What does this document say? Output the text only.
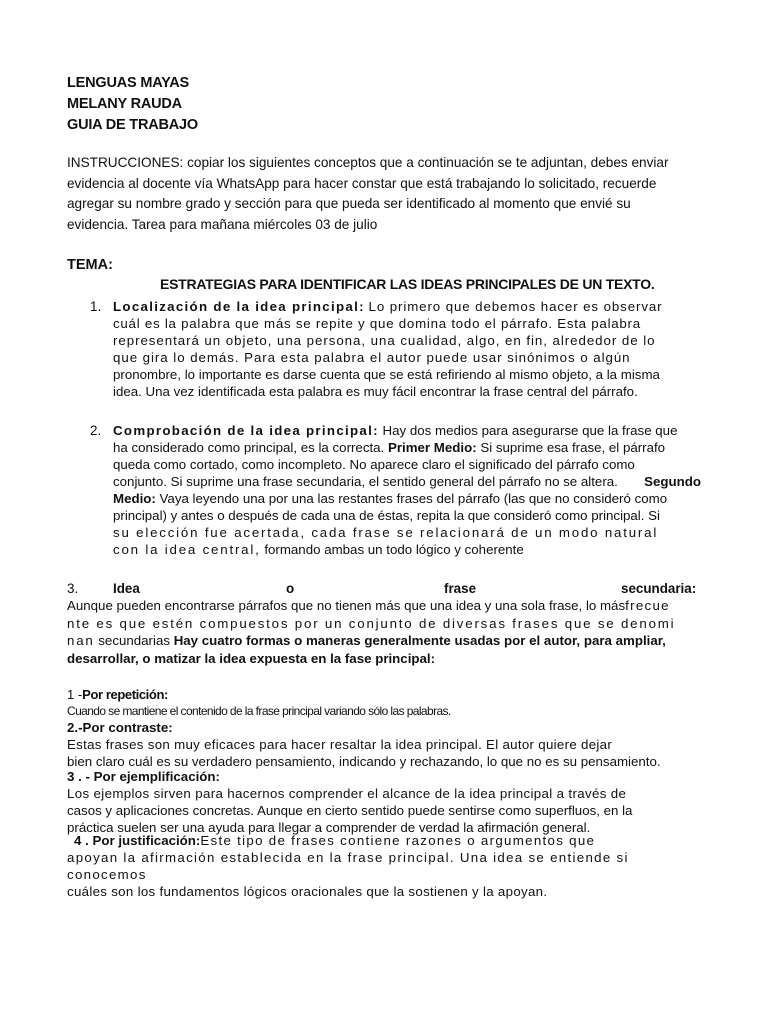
LENGUAS MAYAS
MELANY RAUDA
GUIA DE TRABAJO
INSTRUCCIONES: copiar los siguientes conceptos que a continuación se te adjuntan, debes enviar
evidencia al docente vía WhatsApp para hacer constar que está trabajando lo solicitado, recuerde
agregar su nombre grado y sección para que pueda ser identificado al momento que envié su
evidencia. Tarea para mañana miércoles 03 de julio
TEMA:
ESTRATEGIAS PARA IDENTIFICAR LAS IDEAS PRINCIPALES DE UN TEXTO.
1. Localización de la idea principal: Lo primero que debemos hacer es observar
cuál es la palabra que más se repite y que domina todo el párrafo. Esta palabra
representará un objeto, una persona, una cualidad, algo, en fin, alrededor de lo
que gira lo demás. Para esta palabra el autor puede usar sinónimos o algún
pronombre, lo importante es darse cuenta que se está refiriendo al mismo objeto, a la misma
idea. Una vez identificada esta palabra es muy fácil encontrar la frase central del párrafo.
2. Comprobación de la idea principal: Hay dos medios para asegurarse que la frase que
ha considerado como principal, es la correcta. Primer Medio: Si suprime esa frase, el párrafo
queda como cortado, como incompleto. No aparece claro el significado del párrafo como
conjunto. Si suprime una frase secundaria, el sentido general del párrafo no se altera. Segundo
Medio: Vaya leyendo una por una las restantes frases del párrafo (las que no consideró como
principal) y antes o después de cada una de éstas, repita la que consideró como principal. Si
su elección fue acertada, cada frase se relacionará de un modo natural
con la idea central, formando ambas un todo lógico y coherente
3.	Idea	o	frase	secundaria:
Aunque pueden encontrarse párrafos que no tienen más que una idea y una sola frase, lo másfrecue
nte es que estén compuestos por un conjunto de diversas frases que se denomi
nan secundarias Hay cuatro formas o maneras generalmente usadas por el autor, para ampliar,
desarrollar, o matizar la idea expuesta en la fase principal:
1 -Por repetición:
Cuando se mantiene el contenido de la frase principal variando sólo las palabras.
2.-Por contraste:
Estas frases son muy eficaces para hacer resaltar la idea principal. El autor quiere dejar
bien claro cuál es su verdadero pensamiento, indicando y rechazando, lo que no es su pensamiento.
3 . - Por ejemplificación:
Los ejemplos sirven para hacernos comprender el alcance de la idea principal a través de
casos y aplicaciones concretas. Aunque en cierto sentido puede sentirse como superfluos, en la
práctica suelen ser una ayuda para llegar a comprender de verdad la afirmación general.
4 . Por justificación:Este tipo de frases contiene razones o argumentos que
apoyan la afirmación establecida en la frase principal. Una idea se entiende si conocemos
cuáles son los fundamentos lógicos oracionales que la sostienen y la apoyan.
